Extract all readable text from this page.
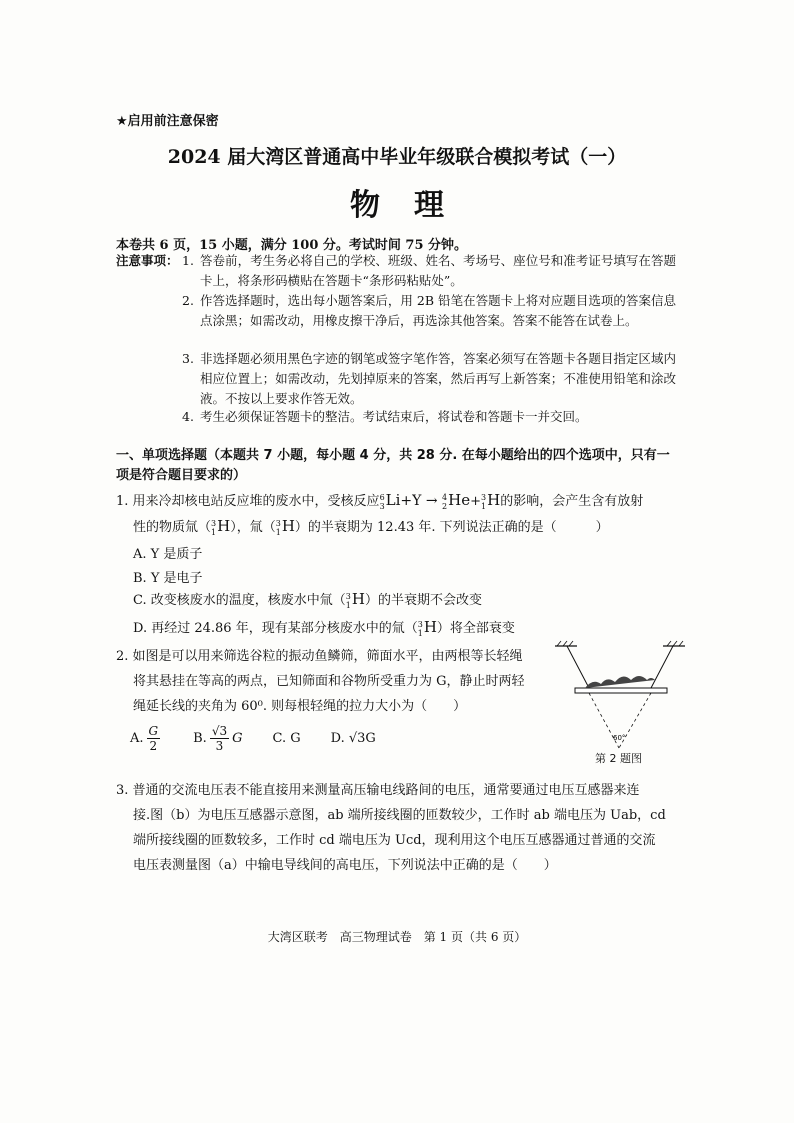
★启用前注意保密
2024 届大湾区普通高中毕业年级联合模拟考试（一）
物理
本卷共 6 页，15 小题，满分 100 分。考试时间 75 分钟。
注意事项： 1. 答卷前，考生务必将自己的学校、班级、姓名、考场号、座位号和准考证号填写在答题卡上，将条形码横贴在答题卡“条形码粘贴处”。
2. 作答选择题时，选出每小题答案后，用 2B 铅笔在答题卡上将对应题目选项的答案信息点涂黑；如需改动，用橡皮擦干净后，再选涂其他答案。答案不能答在试卷上。
3. 非选择题必须用黑色字迹的钢笔或签字笔作答，答案必须写在答题卡各题目指定区域内相应位置上；如需改动，先划掉原来的答案，然后再写上新答案；不准使用铅笔和涂改液。不按以上要求作答无效。
4. 考生必须保证答题卡的整洁。考试结束后，将试卷和答题卡一并交回。
一、单项选择题（本题共 7 小题，每小题 4 分，共 28 分. 在每小题给出的四个选项中，只有一项是符合题目要求的）
1. 用来冷却核电站反应堆的废水中，受核反应 6
3 Li+Y → 4
2 He+ 3
1 H的影响，会产生含有放射
性的物质氚（ 3
1 H），氚（ 3
1 H）的半衰期为 12.43 年. 下列说法正确的是（　　　）
A. Y 是质子
B. Y 是电子
C. 改变核废水的温度，核废水中氚（ 3
1 H）的半衰期不会改变
D. 再经过 24.86 年，现有某部分核废水中的氚（ 3
1 H）将全部衰变
2. 如图是可以用来筛选谷粒的振动鱼鳞筛，筛面水平，由两根等长轻绳
将其悬挂在等高的两点，已知筛面和谷物所受重力为 G，静止时两轻
绳延长线的夹角为 60⁰. 则每根轻绳的拉力大小为（　　）
A. $\frac{G}{2}$	B. $\frac{√3}{3}$ G C. G D. √3G	60°
第 2 题图
3. 普通的交流电压表不能直接用来测量高压输电线路间的电压，通常要通过电压互感器来连
接.图（b）为电压互感器示意图，ab 端所接线圈的匝数较少，工作时 ab 端电压为 Uab，cd
端所接线圈的匝数较多，工作时 cd 端电压为 Ucd，现利用这个电压互感器通过普通的交流
电压表测量图（a）中输电导线间的高电压，下列说法中正确的是（　　）
大湾区联考　高三物理试卷　第 1 页（共 6 页）
